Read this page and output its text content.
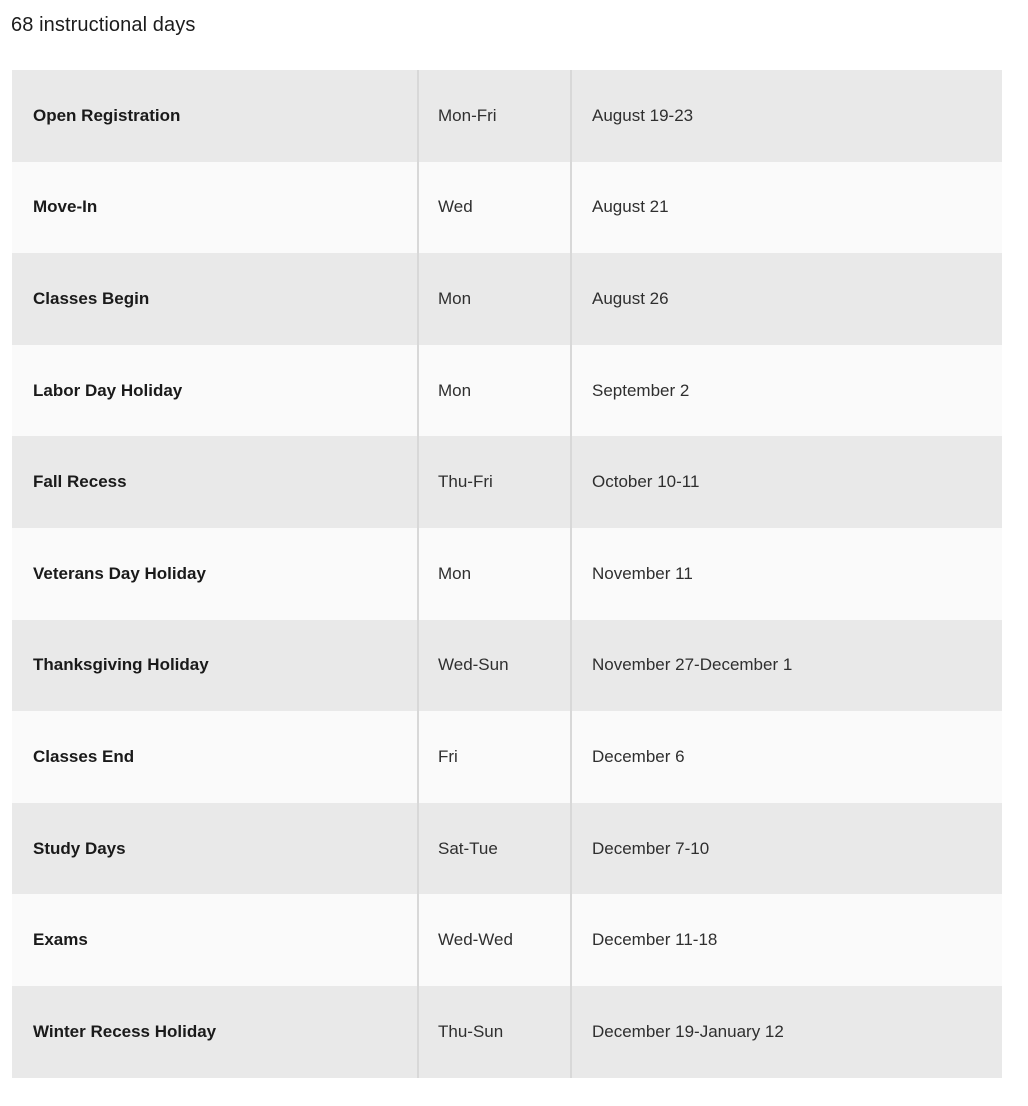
68 instructional days
Open Registration	Mon-Fri	August 19-23
Move-In	Wed	August 21
Classes Begin	Mon	August 26
Labor Day Holiday	Mon	September 2
Fall Recess	Thu-Fri	October 10-11
Veterans Day Holiday	Mon	November 11
Thanksgiving Holiday	Wed-Sun	November 27-December 1
Classes End	Fri	December 6
Study Days	Sat-Tue	December 7-10
Exams	Wed-Wed	December 11-18
Winter Recess Holiday	Thu-Sun	December 19-January 12
